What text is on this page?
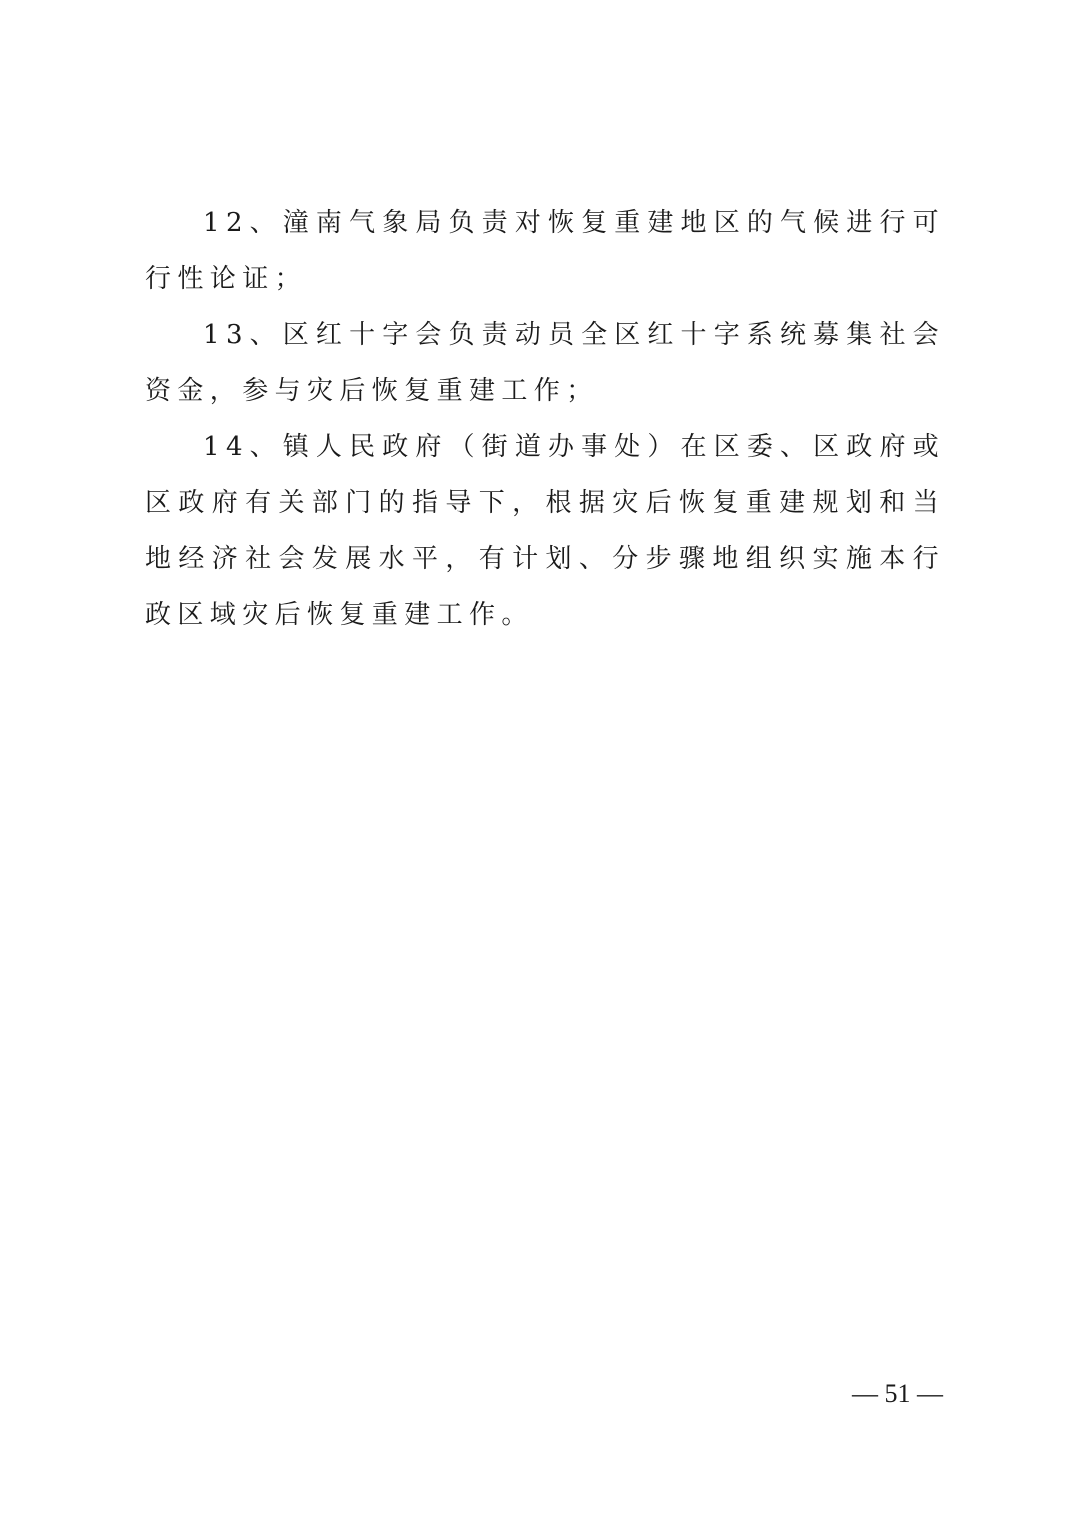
12、潼南气象局负责对恢复重建地区的气候进行可行性论证；

13、区红十字会负责动员全区红十字系统募集社会资金，参与灾后恢复重建工作；

14、镇人民政府（街道办事处）在区委、区政府或区政府有关部门的指导下，根据灾后恢复重建规划和当地经济社会发展水平，有计划、分步骤地组织实施本行政区域灾后恢复重建工作。

— 51 —
